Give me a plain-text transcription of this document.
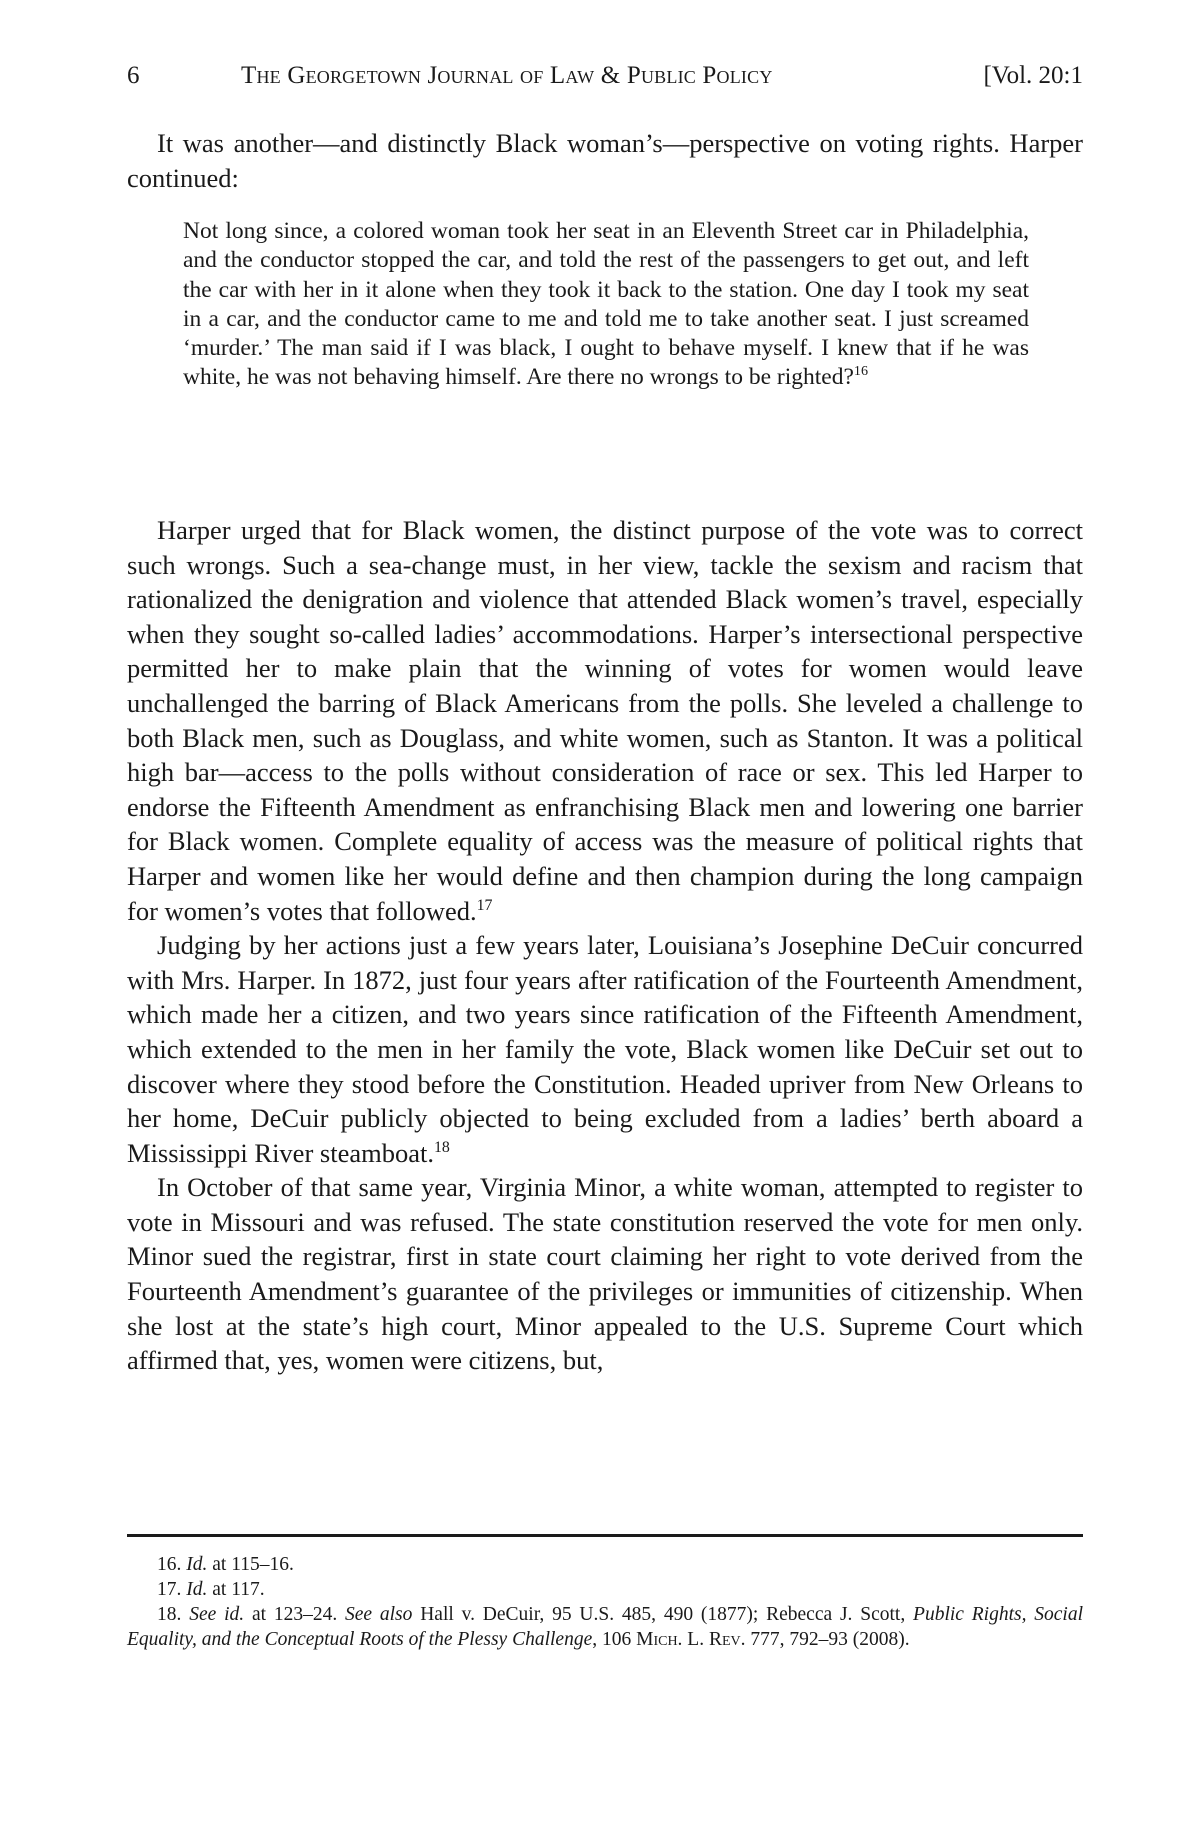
6	The Georgetown Journal of Law & Public Policy	[Vol. 20:1

It was another—and distinctly Black woman’s—perspective on voting rights. Harper continued:

Not long since, a colored woman took her seat in an Eleventh Street car in Philadelphia, and the conductor stopped the car, and told the rest of the passengers to get out, and left the car with her in it alone when they took it back to the station. One day I took my seat in a car, and the conductor came to me and told me to take another seat. I just screamed ‘murder.’ The man said if I was black, I ought to behave myself. I knew that if he was white, he was not behaving himself. Are there no wrongs to be righted?$^{16}$

Harper urged that for Black women, the distinct purpose of the vote was to correct such wrongs. Such a sea-change must, in her view, tackle the sexism and racism that rationalized the denigration and violence that attended Black women’s travel, especially when they sought so-called ladies’ accommodations. Harper’s intersectional perspective permitted her to make plain that the winning of votes for women would leave unchallenged the barring of Black Americans from the polls. She leveled a challenge to both Black men, such as Douglass, and white women, such as Stanton. It was a political high bar—access to the polls without consideration of race or sex. This led Harper to endorse the Fifteenth Amendment as enfranchising Black men and lowering one barrier for Black women. Complete equality of access was the measure of political rights that Harper and women like her would define and then champion during the long campaign for women’s votes that followed.$^{17}$

Judging by her actions just a few years later, Louisiana’s Josephine DeCuir concurred with Mrs. Harper. In 1872, just four years after ratification of the Fourteenth Amendment, which made her a citizen, and two years since ratification of the Fifteenth Amendment, which extended to the men in her family the vote, Black women like DeCuir set out to discover where they stood before the Constitution. Headed upriver from New Orleans to her home, DeCuir publicly objected to being excluded from a ladies’ berth aboard a Mississippi River steamboat.$^{18}$

In October of that same year, Virginia Minor, a white woman, attempted to register to vote in Missouri and was refused. The state constitution reserved the vote for men only. Minor sued the registrar, first in state court claiming her right to vote derived from the Fourteenth Amendment’s guarantee of the privileges or immunities of citizenship. When she lost at the state’s high court, Minor appealed to the U.S. Supreme Court which affirmed that, yes, women were citizens, but,

16. Id. at 115–16.

17. Id. at 117.

18. See id. at 123–24. See also Hall v. DeCuir, 95 U.S. 485, 490 (1877); Rebecca J. Scott, Public Rights, Social Equality, and the Conceptual Roots of the Plessy Challenge, 106 Mich. L. Rev. 777, 792–93 (2008).
